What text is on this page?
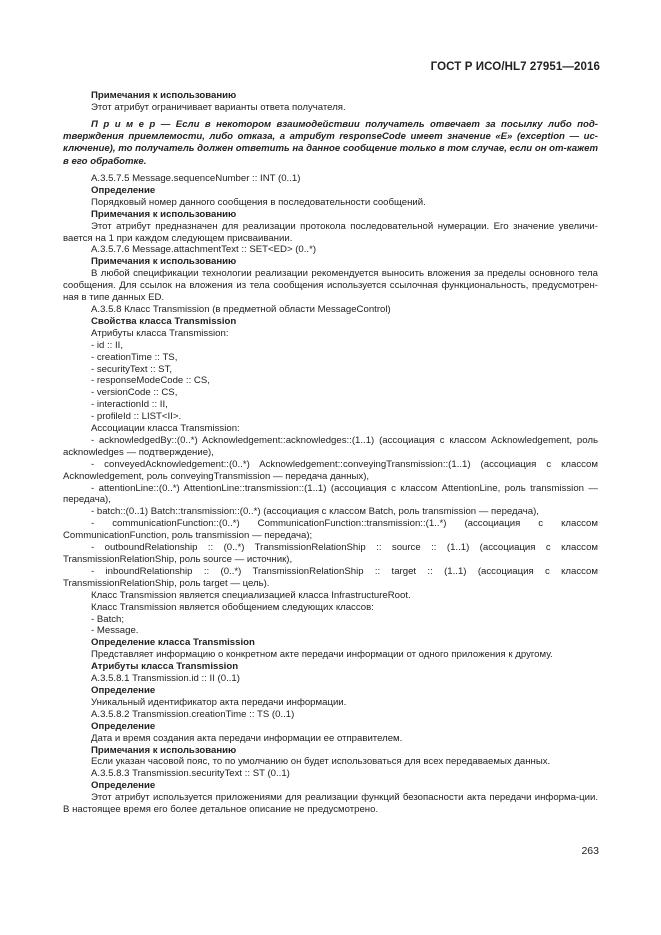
ГОСТ Р ИСО/HL7 27951—2016

Примечания к использованию

Этот атрибут ограничивает варианты ответа получателя.

П р и м е р — Если в некотором взаимодействии получатель отвечает за посылку либо под-тверждения приемлемости, либо отказа, а атрибут responseCode имеет значение «Е» (exception — ис-ключение), то получатель должен ответить на данное сообщение только в том случае, если он от-кажет в его обработке.

А.3.5.7.5 Message.sequenceNumber :: INT (0..1)

Определение

Порядковый номер данного сообщения в последовательности сообщений.

Примечания к использованию

Этот атрибут предназначен для реализации протокола последовательной нумерации. Его значение увеличи-вается на 1 при каждом следующем присваивании.

А.3.5.7.6 Message.attachmentText :: SET<ED> (0..*)

Примечания к использованию

В любой спецификации технологии реализации рекомендуется выносить вложения за пределы основного тела сообщения. Для ссылок на вложения из тела сообщения используется ссылочная функциональность, предусмотрен-ная в типе данных ED.

А.3.5.8 Класс Transmission (в предметной области MessageControl)

Свойства класса Transmission

Атрибуты класса Transmission:

- id :: II,

- creationTime :: TS,

- securityText :: ST,

- responseModeCode :: CS,

- versionCode :: CS,

- interactionId :: II,

- profileId :: LIST<II>.

Ассоциации класса Transmission:

- acknowledgedBy::(0..*) Acknowledgement::acknowledges::(1..1) (ассоциация с классом Acknowledgement, роль acknowledges — подтверждение),

- conveyedAcknowledgement::(0..*) Acknowledgement::conveyingTransmission::(1..1) (ассоциация с классом Acknowledgement, роль conveyingTransmission — передача данных),

- attentionLine::(0..*) AttentionLine::transmission::(1..1) (ассоциация с классом AttentionLine, роль transmission — передача),

- batch::(0..1) Batch::transmission::(0..*) (ассоциация с классом Batch, роль transmission — передача),

- communicationFunction::(0..*) CommunicationFunction::transmission::(1..*) (ассоциация с классом CommunicationFunction, роль transmission — передача);

- outboundRelationship :: (0..*) TransmissionRelationShip :: source :: (1..1) (ассоциация с классом TransmissionRelationShip, роль source — источник),

- inboundRelationship :: (0..*) TransmissionRelationShip :: target :: (1..1) (ассоциация с классом TransmissionRelationShip, роль target — цель).

Класс Transmission является специализацией класса InfrastructureRoot.

Класс Transmission является обобщением следующих классов:

- Batch;

- Message.

Определение класса Transmission

Представляет информацию о конкретном акте передачи информации от одного приложения к другому.

Атрибуты класса Transmission

А.3.5.8.1 Transmission.id :: II (0..1)

Определение

Уникальный идентификатор акта передачи информации.

А.3.5.8.2 Transmission.creationTime :: TS (0..1)

Определение

Дата и время создания акта передачи информации ее отправителем.

Примечания к использованию

Если указан часовой пояс, то по умолчанию он будет использоваться для всех передаваемых данных.

А.3.5.8.3 Transmission.securityText :: ST (0..1)

Определение

Этот атрибут используется приложениями для реализации функций безопасности акта передачи информа-ции. В настоящее время его более детальное описание не предусмотрено.

263
